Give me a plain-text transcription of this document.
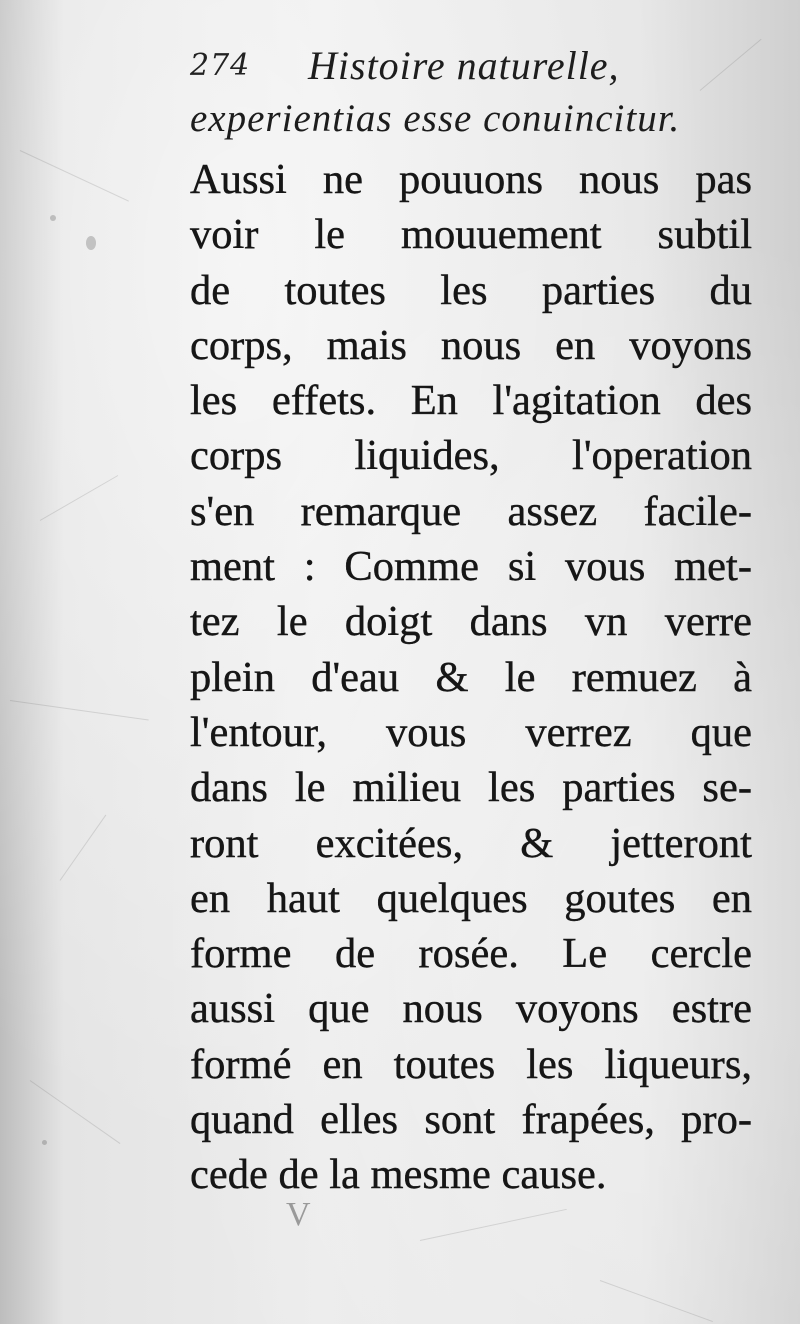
274 Histoire naturelle,
experientias esse conuincitur.
Aussi ne pouuons nous pas
voir le mouuement subtil
de toutes les parties du
corps, mais nous en voyons
les effets. En l'agitation des
corps liquides, l'operation
s'en remarque assez facile-
ment : Comme si vous met-
tez le doigt dans vn verre
plein d'eau & le remuez à
l'entour, vous verrez que
dans le milieu les parties se-
ront excitées, & jetteront
en haut quelques goutes en
forme de rosée. Le cercle
aussi que nous voyons estre
formé en toutes les liqueurs,
quand elles sont frapées, pro-
cede de la mesme cause.
V
